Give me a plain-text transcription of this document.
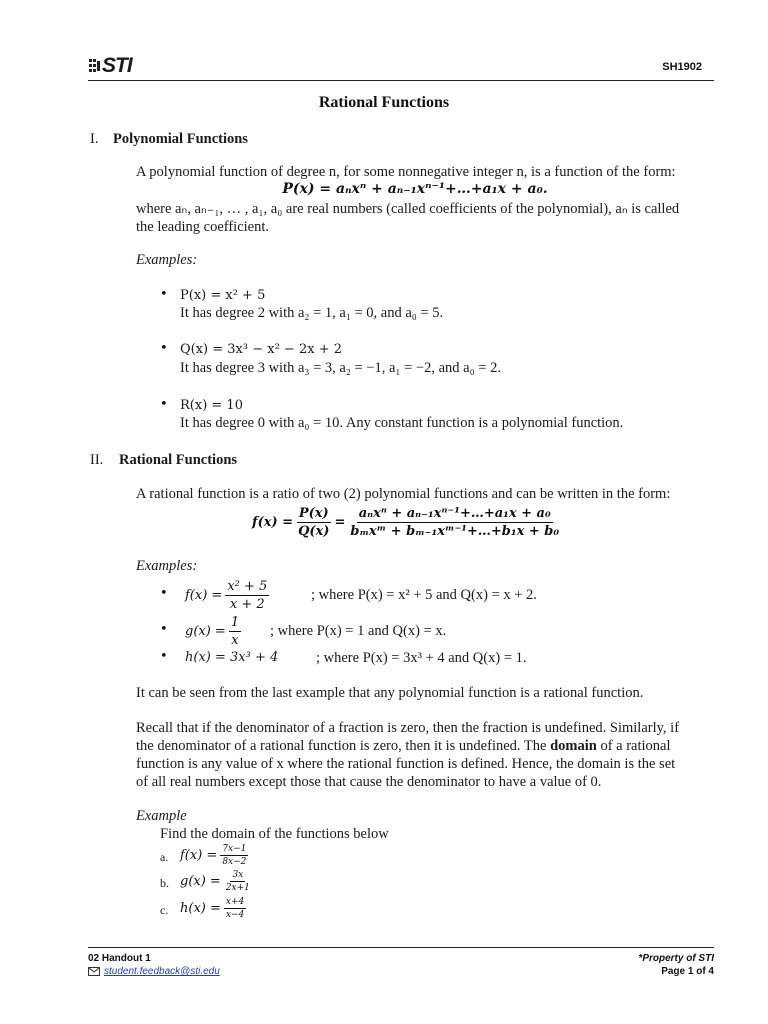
STI	SH1902
Rational Functions
I. Polynomial Functions
A polynomial function of degree n, for some nonnegative integer n, is a function of the form:
P(x) = aₙxⁿ + aₙ₋₁xⁿ⁻¹+…+a₁x + a₀.
where aₙ, aₙ₋₁, … , a₁, a₀ are real numbers (called coefficients of the polynomial), aₙ is called
the leading coefficient.
Examples:
• P(x) = x² + 5
It has degree 2 with a₂ = 1, a₁ = 0, and a₀ = 5.
• Q(x) = 3x³ − x² − 2x + 2
It has degree 3 with a₃ = 3, a₂ = −1, a₁ = −2, and a₀ = 2.
• R(x) = 10
It has degree 0 with a₀ = 10. Any constant function is a polynomial function.
II. Rational Functions
A rational function is a ratio of two (2) polynomial functions and can be written in the form:
$f(x) = \frac{P(x)}{Q(x)} = \frac{\text{aₙxⁿ + aₙ₋₁xⁿ⁻¹+…+a₁x + a₀}}{\text{bₘxᵐ + bₘ₋₁xᵐ⁻¹+…+b₁x + b₀}}$
Examples:
• $f(x) = \frac{\text{x² + 5}}{x + 2}$	; where P(x) = x² + 5 and Q(x) = x + 2.
• $g(x) = \frac{1}{x}$ ; where P(x) = 1 and Q(x) = x.
• h(x) = 3x³ + 4	; where P(x) = 3x³ + 4 and Q(x) = 1.
It can be seen from the last example that any polynomial function is a rational function.
Recall that if the denominator of a fraction is zero, then the fraction is undefined. Similarly, if
the denominator of a rational function is zero, then it is undefined. The domain of a rational
function is any value of x where the rational function is defined. Hence, the domain is the set
of all real numbers except those that cause the denominator to have a value of 0.
Example
Find the domain of the functions below
a. $f(x) = \frac{7x-1}{8x-2}$
b. $g(x) = \frac{3x}{2x+1}$
c. $h(x) = \frac{x+4}{x-4}$
02 Handout 1
student.feedback@sti.edu
*Property of STI
Page 1 of 4
